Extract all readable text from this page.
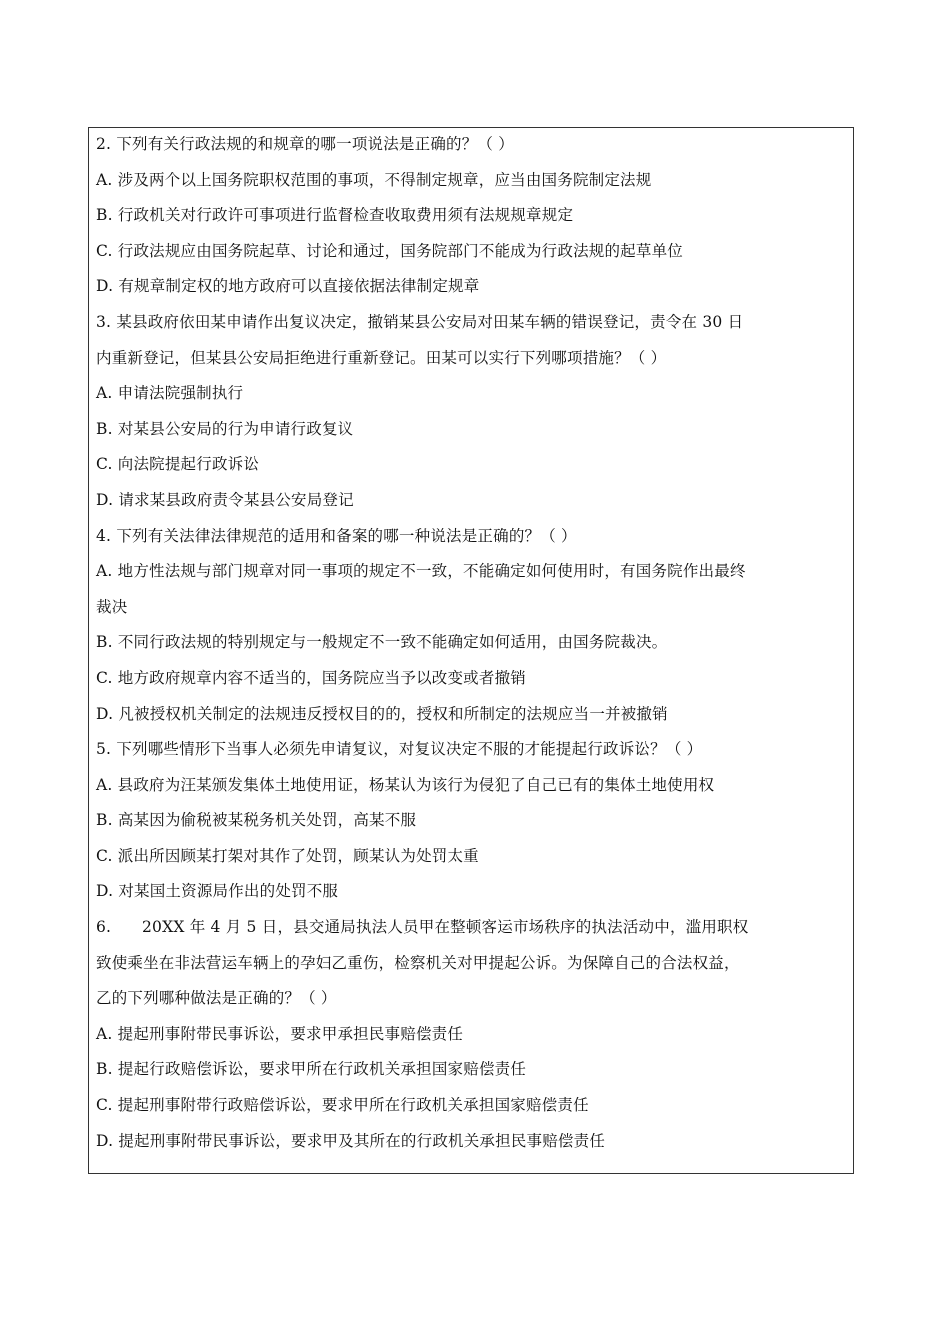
2. 下列有关行政法规的和规章的哪一项说法是正确的？（ ）
A. 涉及两个以上国务院职权范围的事项，不得制定规章，应当由国务院制定法规
B. 行政机关对行政许可事项进行监督检查收取费用须有法规规章规定
C. 行政法规应由国务院起草、讨论和通过，国务院部门不能成为行政法规的起草单位
D. 有规章制定权的地方政府可以直接依据法律制定规章
3. 某县政府依田某申请作出复议决定，撤销某县公安局对田某车辆的错误登记，责令在 30 日
内重新登记，但某县公安局拒绝进行重新登记。田某可以实行下列哪项措施？（ ）
A. 申请法院强制执行
B. 对某县公安局的行为申请行政复议
C. 向法院提起行政诉讼
D. 请求某县政府责令某县公安局登记
4. 下列有关法律法律规范的适用和备案的哪一种说法是正确的？（ ）
A. 地方性法规与部门规章对同一事项的规定不一致，不能确定如何使用时，有国务院作出最终
裁决
B. 不同行政法规的特别规定与一般规定不一致不能确定如何适用，由国务院裁决。
C. 地方政府规章内容不适当的，国务院应当予以改变或者撤销
D. 凡被授权机关制定的法规违反授权目的的，授权和所制定的法规应当一并被撤销
5. 下列哪些情形下当事人必须先申请复议，对复议决定不服的才能提起行政诉讼？（ ）
A. 县政府为汪某颁发集体土地使用证，杨某认为该行为侵犯了自己已有的集体土地使用权
B. 高某因为偷税被某税务机关处罚，高某不服
C. 派出所因顾某打架对其作了处罚，顾某认为处罚太重
D. 对某国土资源局作出的处罚不服
6. 20XX 年 4 月 5 日，县交通局执法人员甲在整顿客运市场秩序的执法活动中，滥用职权
致使乘坐在非法营运车辆上的孕妇乙重伤，检察机关对甲提起公诉。为保障自己的合法权益，
乙的下列哪种做法是正确的？（ ）
A. 提起刑事附带民事诉讼，要求甲承担民事赔偿责任
B. 提起行政赔偿诉讼，要求甲所在行政机关承担国家赔偿责任
C. 提起刑事附带行政赔偿诉讼，要求甲所在行政机关承担国家赔偿责任
D. 提起刑事附带民事诉讼，要求甲及其所在的行政机关承担民事赔偿责任
